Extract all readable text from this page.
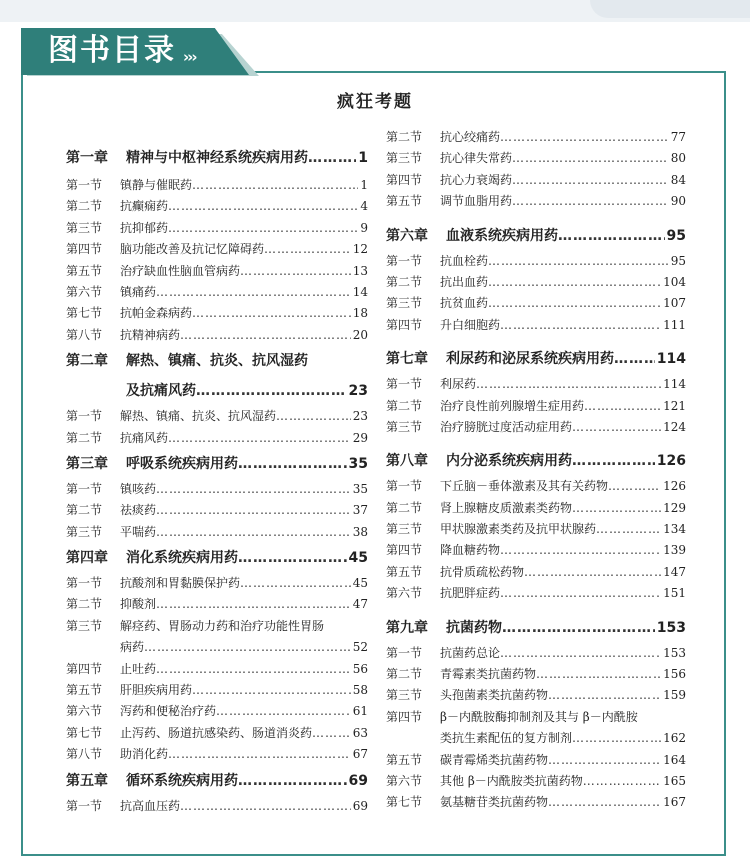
图书目录 ›››
疯狂考题
第一章	精神与中枢神经系统疾病用药 …………………………………………………………………………………………………………………………	1
第一节	镇静与催眠药 …………………………………………………………………………………………………………………………	1
第二节	抗癫痫药 …………………………………………………………………………………………………………………………	4
第三节	抗抑郁药 …………………………………………………………………………………………………………………………	9
第四节	脑功能改善及抗记忆障碍药 …………………………………………………………………………………………………………………………	12
第五节	治疗缺血性脑血管病药 …………………………………………………………………………………………………………………………	13
第六节	镇痛药 …………………………………………………………………………………………………………………………	14
第七节	抗帕金森病药 …………………………………………………………………………………………………………………………	18
第八节	抗精神病药 …………………………………………………………………………………………………………………………	20
第二章	解热、镇痛、抗炎、抗风湿药
及抗痛风药 …………………………………………………………………………………………………………………………	23
第一节	解热、镇痛、抗炎、抗风湿药 …………………………………………………………………………………………………………………………	23
第二节	抗痛风药 …………………………………………………………………………………………………………………………	29
第三章	呼吸系统疾病用药 …………………………………………………………………………………………………………………………	35
第一节	镇咳药 …………………………………………………………………………………………………………………………	35
第二节	祛痰药 …………………………………………………………………………………………………………………………	37
第三节	平喘药 …………………………………………………………………………………………………………………………	38
第四章	消化系统疾病用药 …………………………………………………………………………………………………………………………	45
第一节	抗酸剂和胃黏膜保护药 …………………………………………………………………………………………………………………………	45
第二节	抑酸剂 …………………………………………………………………………………………………………………………	47
第三节	解痉药、胃肠动力药和治疗功能性胃肠
病药 …………………………………………………………………………………………………………………………	52
第四节	止吐药 …………………………………………………………………………………………………………………………	56
第五节	肝胆疾病用药 …………………………………………………………………………………………………………………………	58
第六节	泻药和便秘治疗药 …………………………………………………………………………………………………………………………	61
第七节	止泻药、肠道抗感染药、肠道消炎药 …………………………………………………………………………………………………………………………	63
第八节	助消化药 …………………………………………………………………………………………………………………………	67
第五章	循环系统疾病用药 …………………………………………………………………………………………………………………………	69
第一节	抗高血压药 …………………………………………………………………………………………………………………………	69
第二节	抗心绞痛药 …………………………………………………………………………………………………………………………	77
第三节	抗心律失常药 …………………………………………………………………………………………………………………………	80
第四节	抗心力衰竭药 …………………………………………………………………………………………………………………………	84
第五节	调节血脂用药 …………………………………………………………………………………………………………………………	90
第六章	血液系统疾病用药 …………………………………………………………………………………………………………………………	95
第一节	抗血栓药 …………………………………………………………………………………………………………………………	95
第二节	抗出血药 …………………………………………………………………………………………………………………………	104
第三节	抗贫血药 …………………………………………………………………………………………………………………………	107
第四节	升白细胞药 …………………………………………………………………………………………………………………………	111
第七章	利尿药和泌尿系统疾病用药 …………………………………………………………………………………………………………………………	114
第一节	利尿药 …………………………………………………………………………………………………………………………	114
第二节	治疗良性前列腺增生症用药 …………………………………………………………………………………………………………………………	121
第三节	治疗膀胱过度活动症用药 …………………………………………………………………………………………………………………………	124
第八章	内分泌系统疾病用药 …………………………………………………………………………………………………………………………	126
第一节	下丘脑－垂体激素及其有关药物 …………………………………………………………………………………………………………………………	126
第二节	肾上腺糖皮质激素类药物 …………………………………………………………………………………………………………………………	129
第三节	甲状腺激素类药及抗甲状腺药 …………………………………………………………………………………………………………………………	134
第四节	降血糖药物 …………………………………………………………………………………………………………………………	139
第五节	抗骨质疏松药物 …………………………………………………………………………………………………………………………	147
第六节	抗肥胖症药 …………………………………………………………………………………………………………………………	151
第九章	抗菌药物 …………………………………………………………………………………………………………………………	153
第一节	抗菌药总论 …………………………………………………………………………………………………………………………	153
第二节	青霉素类抗菌药物 …………………………………………………………………………………………………………………………	156
第三节	头孢菌素类抗菌药物 …………………………………………………………………………………………………………………………	159
第四节	β－内酰胺酶抑制剂及其与 β－内酰胺
类抗生素配伍的复方制剂 …………………………………………………………………………………………………………………………	162
第五节	碳青霉烯类抗菌药物 …………………………………………………………………………………………………………………………	164
第六节	其他 β－内酰胺类抗菌药物 …………………………………………………………………………………………………………………………	165
第七节	氨基糖苷类抗菌药物 …………………………………………………………………………………………………………………………	167
